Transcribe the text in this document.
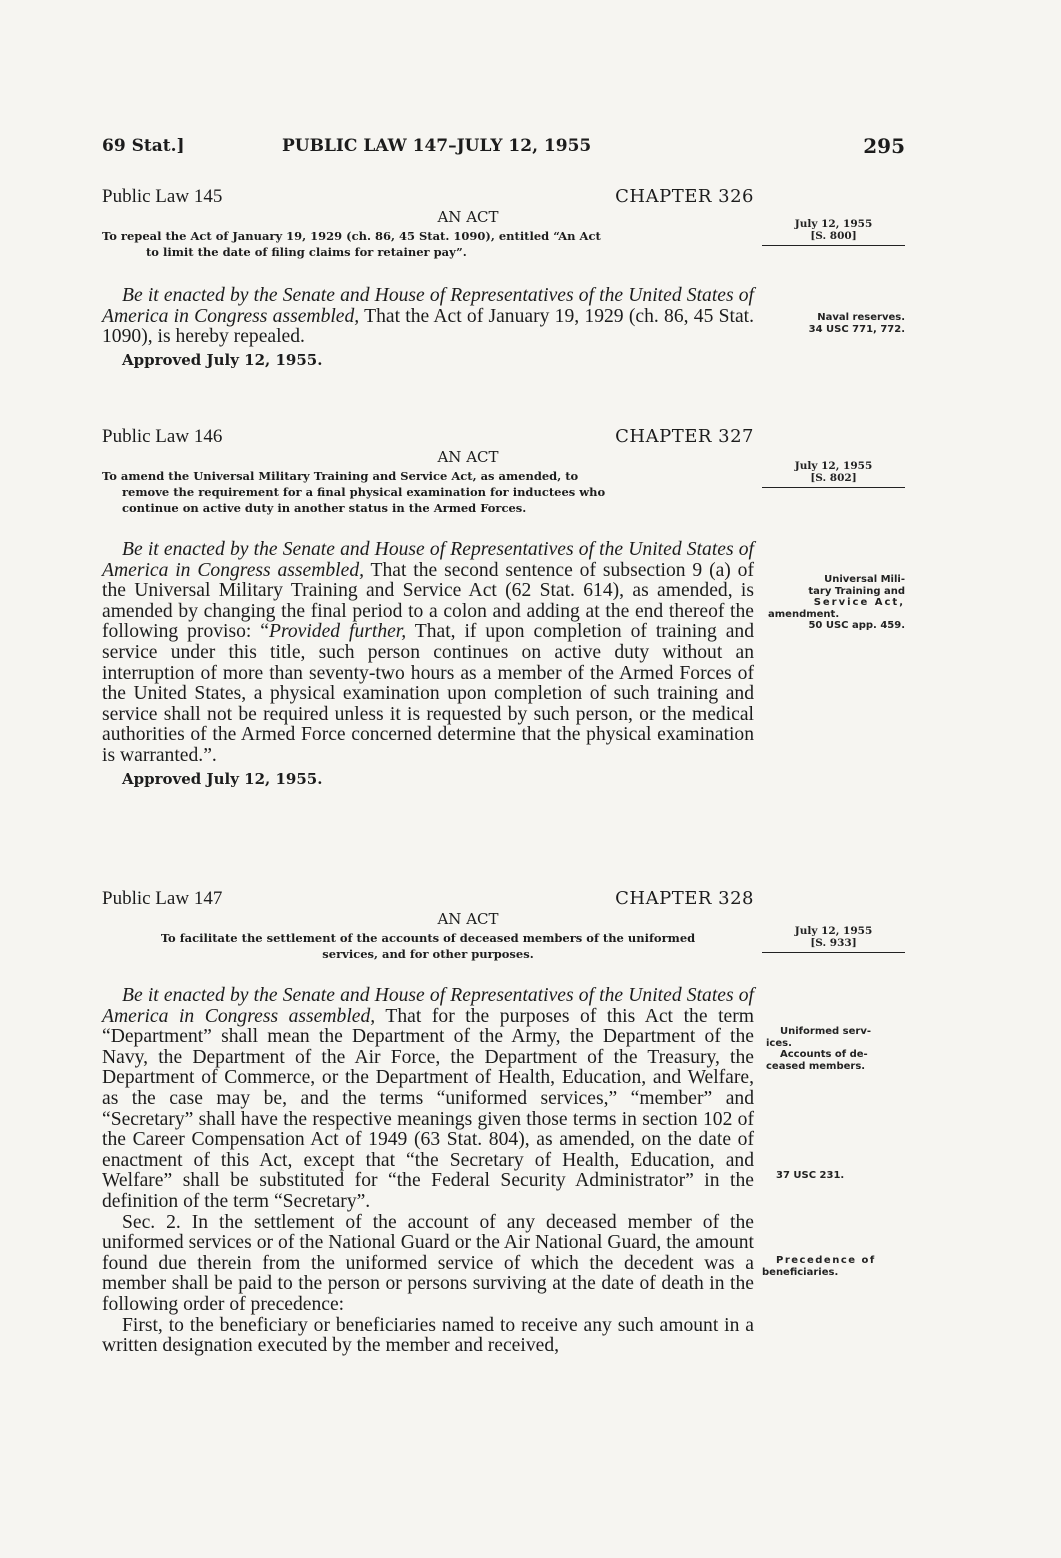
69 Stat.]	PUBLIC LAW 147–JULY 12, 1955	295
Public Law 145	CHAPTER 326
AN ACT
To repeal the Act of January 19, 1929 (ch. 86, 45 Stat. 1090), entitled “An Act
to limit the date of filing claims for retainer pay”.

Be it enacted by the Senate and House of Representatives of the United States of America in Congress assembled, That the Act of January 19, 1929 (ch. 86, 45 Stat. 1090), is hereby repealed.

Approved July 12, 1955.
July 12, 1955
[S. 800]
Naval reserves.
34 USC 771, 772.
Public Law 146	CHAPTER 327
AN ACT
To amend the Universal Military Training and Service Act, as amended, to
remove the requirement for a final physical examination for inductees who
continue on active duty in another status in the Armed Forces.

Be it enacted by the Senate and House of Representatives of the United States of America in Congress assembled, That the second sentence of subsection 9 (a) of the Universal Military Training and Service Act (62 Stat. 614), as amended, is amended by changing the final period to a colon and adding at the end thereof the following proviso: “Provided further, That, if upon completion of training and service under this title, such person continues on active duty without an interruption of more than seventy-two hours as a member of the Armed Forces of the United States, a physical examination upon completion of such training and service shall not be required unless it is requested by such person, or the medical authorities of the Armed Force concerned determine that the physical examination is warranted.”.

Approved July 12, 1955.
July 12, 1955
[S. 802]
Universal Mili-
tary Training and
Service Act,
amendment.
50 USC app. 459.
Public Law 147	CHAPTER 328
AN ACT
To facilitate the settlement of the accounts of deceased members of the uniformed
services, and for other purposes.

Be it enacted by the Senate and House of Representatives of the United States of America in Congress assembled, That for the purposes of this Act the term “Department” shall mean the Department of the Army, the Department of the Navy, the Department of the Air Force, the Department of the Treasury, the Department of Commerce, or the Department of Health, Education, and Welfare, as the case may be, and the terms “uniformed services,” “member” and “Secretary” shall have the respective meanings given those terms in section 102 of the Career Compensation Act of 1949 (63 Stat. 804), as amended, on the date of enactment of this Act, except that “the Secretary of Health, Education, and Welfare” shall be substituted for “the Federal Security Administrator” in the definition of the term “Secretary”.

Sec. 2. In the settlement of the account of any deceased member of the uniformed services or of the National Guard or the Air National Guard, the amount found due therein from the uniformed service of which the decedent was a member shall be paid to the person or persons surviving at the date of death in the following order of precedence:

First, to the beneficiary or beneficiaries named to receive any such amount in a written designation executed by the member and received,

July 12, 1955
[S. 933]
Uniformed serv-
ices.
Accounts of de-
ceased members.
37 USC 231.
Precedence of
beneficiaries.
